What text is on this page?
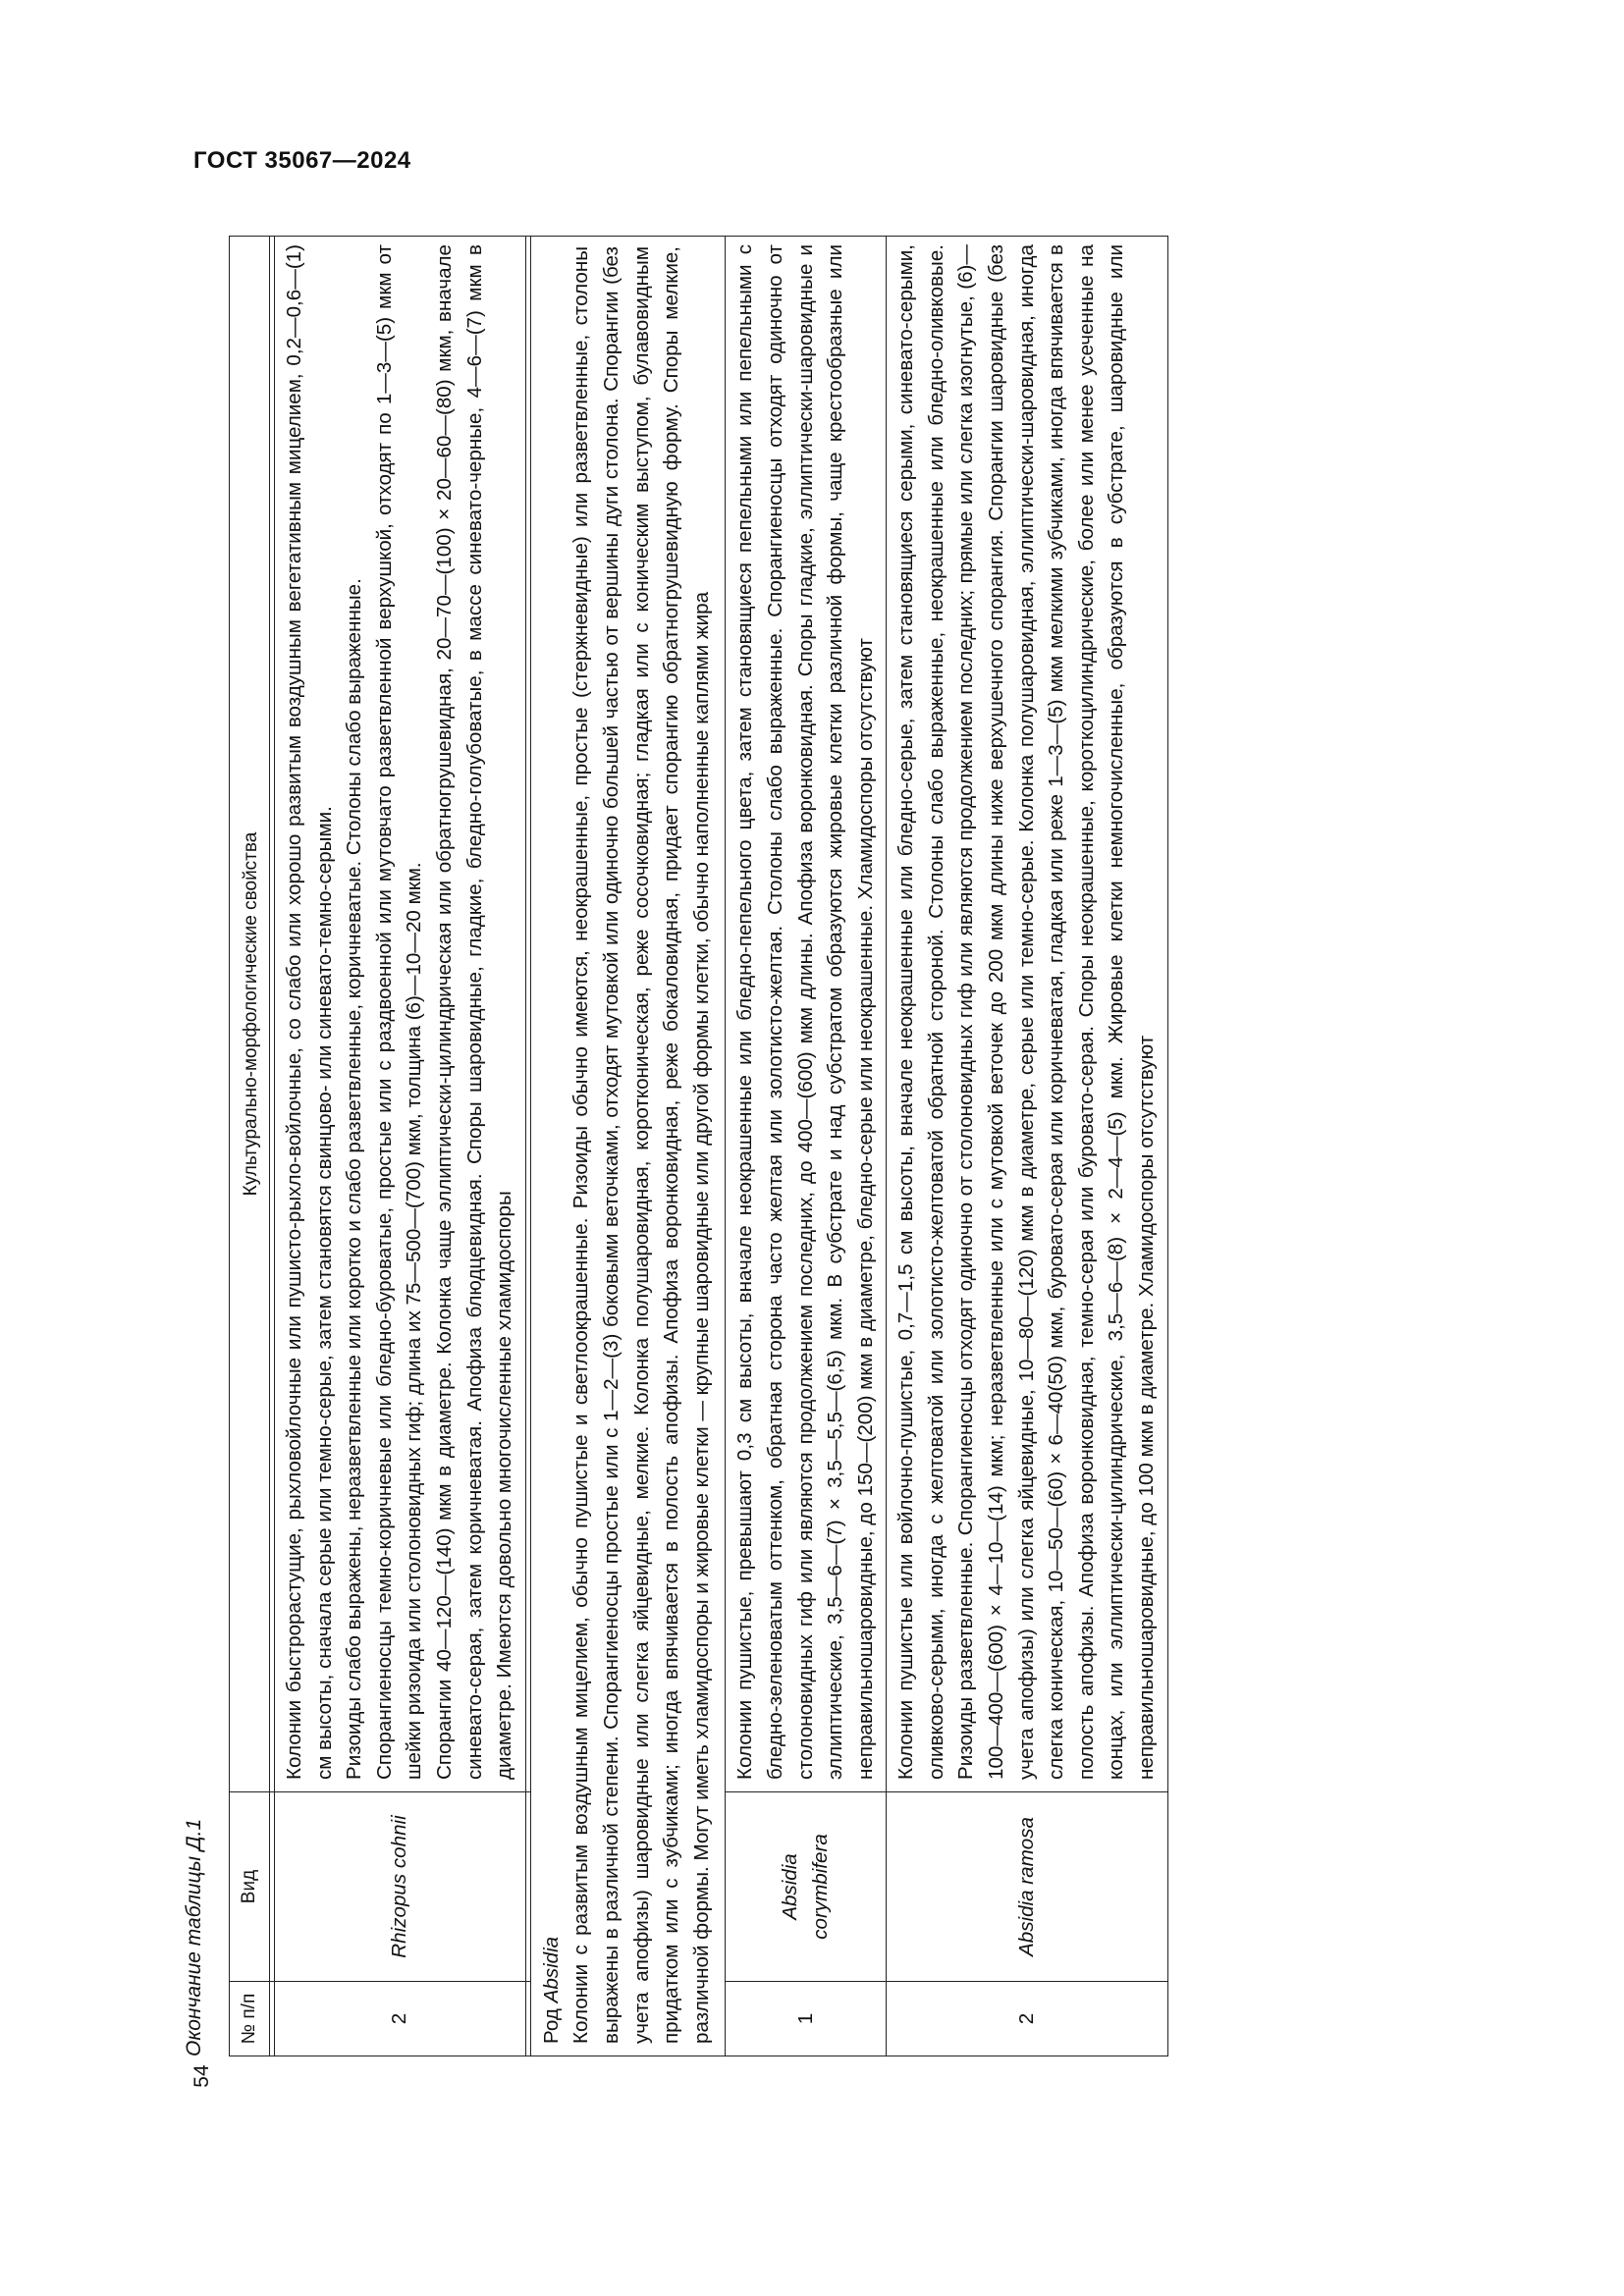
ГОСТ 35067—2024
54
Окончание таблицы Д.1 № п/п	Вид	Культурально-морфологические свойства

2	Rhizopus cohnii	Колонии быстрорастущие, рыхловойлочные или пушисто-рыхло-войлочные, со слабо или хорошо развитым воздушным вегетативным мицелием, 0,2—0,6—(1) см высоты, сначала серые или темно-серые, затем становятся свинцово- или синевато-темно-серыми. Ризоиды слабо выражены, неразветвленные или коротко и слабо разветвленные, коричневатые. Столоны слабо выраженные. Спорангиеносцы темно-коричневые или бледно-буроватые, простые или с раздвоенной или мутовчато разветвленной верхушкой, отходят по 1—3—(5) мкм от шейки ризоида или столоновидных гиф; длина их 75—500—(700) мкм, толщина (6)—10—20 мкм. Спорангии 40—120—(140) мкм в диаметре. Колонка чаще эллиптически-цилиндрическая или обратногрушевидная, 20—70—(100) × 20—60—(80) мкм, вначале синевато-серая, затем коричневатая. Апофиза блюдцевидная. Споры шаровидные, гладкие, бледно-голубоватые, в массе синевато-черные, 4—6—(7) мкм в диаметре. Имеются довольно многочисленные хламидоспоры

Род Absidia Колонии с развитым воздушным мицелием, обычно пушистые и светлоокрашенные. Ризоиды обычно имеются, неокрашенные, простые (стержневидные) или разветвленные, столоны выражены в различной степени. Спорангиеносцы простые или с 1—2—(3) боковыми веточками, отходят мутовкой или одиночно большей частью от вершины дуги столона. Спорангии (без учета апофизы) шаровидные или слегка яйцевидные, мелкие. Колонка полушаровидная, коротконическая, реже сосочковидная; гладкая или с коническим выступом, булавовидным придатком или с зубчиками; иногда впячивается в полость апофизы. Апофиза воронковидная, реже бокаловидная, придает спорангию обратногрушевидную форму. Споры мелкие, различной формы. Могут иметь хламидоспоры и жировые клетки — крупные шаровидные или другой формы клетки, обычно наполненные каплями жира		

1	Absidia corymbifera	Колонии пушистые, превышают 0,3 см высоты, вначале неокрашенные или бледно-пепельного цвета, затем становящиеся пепельными или пепельными с бледно-зеленоватым оттенком, обратная сторона часто желтая или золотисто-желтая. Столоны слабо выраженные. Спорангиеносцы отходят одиночно от столоновидных гиф или являются продолжением последних, до 400—(600) мкм длины. Апофиза воронковидная. Споры гладкие, эллиптически-шаровидные и эллиптические, 3,5—6—(7) × 3,5—5,5—(6,5) мкм. В субстрате и над субстратом образуются жировые клетки различной формы, чаще крестообразные или неправильношаровидные, до 150—(200) мкм в диаметре, бледно-серые или неокрашенные. Хламидоспоры отсутствуют
2	Absidia ramosa	Колонии пушистые или войлочно-пушистые, 0,7—1,5 см высоты, вначале неокрашенные или бледно-серые, затем становящиеся серыми, синевато-серыми, оливково-серыми, иногда с желтоватой или золотисто-желтоватой обратной стороной. Столоны слабо выраженные, неокрашенные или бледно-оливковые. Ризоиды разветвленные. Спорангиеносцы отходят одиночно от столоновидных гиф или являются продолжением последних; прямые или слегка изогнутые, (6)—100—400—(600) × 4—10—(14) мкм; неразветвленные или с мутовкой веточек до 200 мкм длины ниже верхушечного спорангия. Спорангии шаровидные (без учета апофизы) или слегка яйцевидные, 10—80—(120) мкм в диаметре, серые или темно-серые. Колонка полушаровидная, эллиптически-шаровидная, иногда слегка коническая, 10—50—(60) × 6—40(50) мкм, буровато-серая или коричневатая, гладкая или реже 1—3—(5) мкм мелкими зубчиками, иногда впячивается в полость апофизы. Апофиза воронковидная, темно-серая или буровато-серая. Споры неокрашенные, короткоцилиндрические, более или менее усеченные на концах, или эллиптически-цилиндрические, 3,5—6—(8) × 2—4—(5) мкм. Жировые клетки немногочисленные, образуются в субстрате, шаровидные или неправильношаровидные, до 100 мкм в диаметре. Хламидоспоры отсутствуют
